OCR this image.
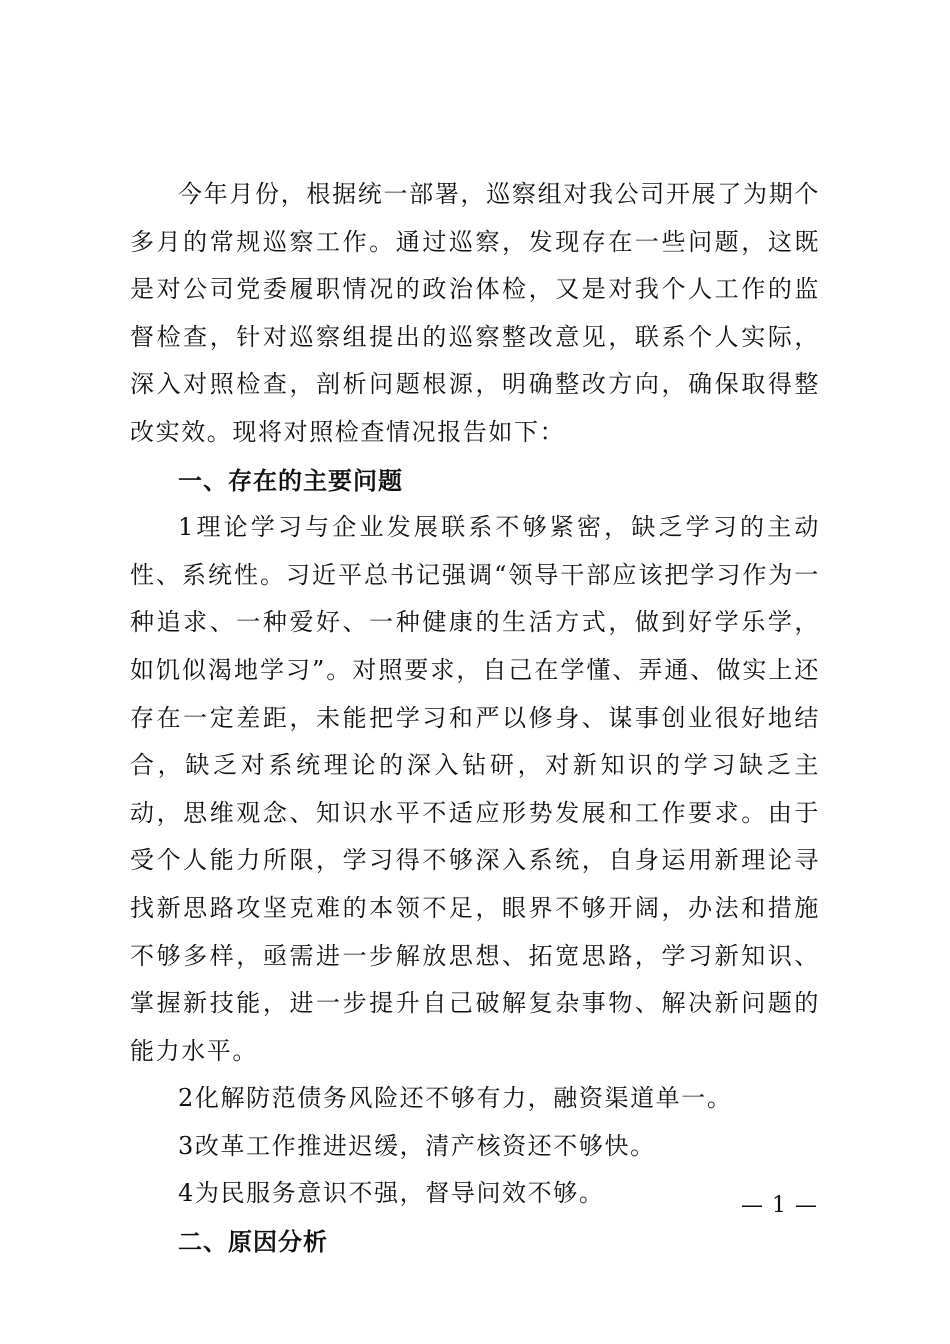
今年月份，根据统一部署，巡察组对我公司开展了为期个多月的常规巡察工作。通过巡察，发现存在一些问题，这既是对公司党委履职情况的政治体检，又是对我个人工作的监督检查，针对巡察组提出的巡察整改意见，联系个人实际，深入对照检查，剖析问题根源，明确整改方向，确保取得整改实效。现将对照检查情况报告如下：

一、存在的主要问题

1理论学习与企业发展联系不够紧密，缺乏学习的主动性、系统性。习近平总书记强调“领导干部应该把学习作为一种追求、一种爱好、一种健康的生活方式，做到好学乐学，如饥似渴地学习”。对照要求，自己在学懂、弄通、做实上还存在一定差距，未能把学习和严以修身、谋事创业很好地结合，缺乏对系统理论的深入钻研，对新知识的学习缺乏主动，思维观念、知识水平不适应形势发展和工作要求。由于受个人能力所限，学习得不够深入系统，自身运用新理论寻找新思路攻坚克难的本领不足，眼界不够开阔，办法和措施不够多样，亟需进一步解放思想、拓宽思路，学习新知识、掌握新技能，进一步提升自己破解复杂事物、解决新问题的能力水平。

2化解防范债务风险还不够有力，融资渠道单一。

3改革工作推进迟缓，清产核资还不够快。

4为民服务意识不强，督导问效不够。

二、原因分析

— 1 —
